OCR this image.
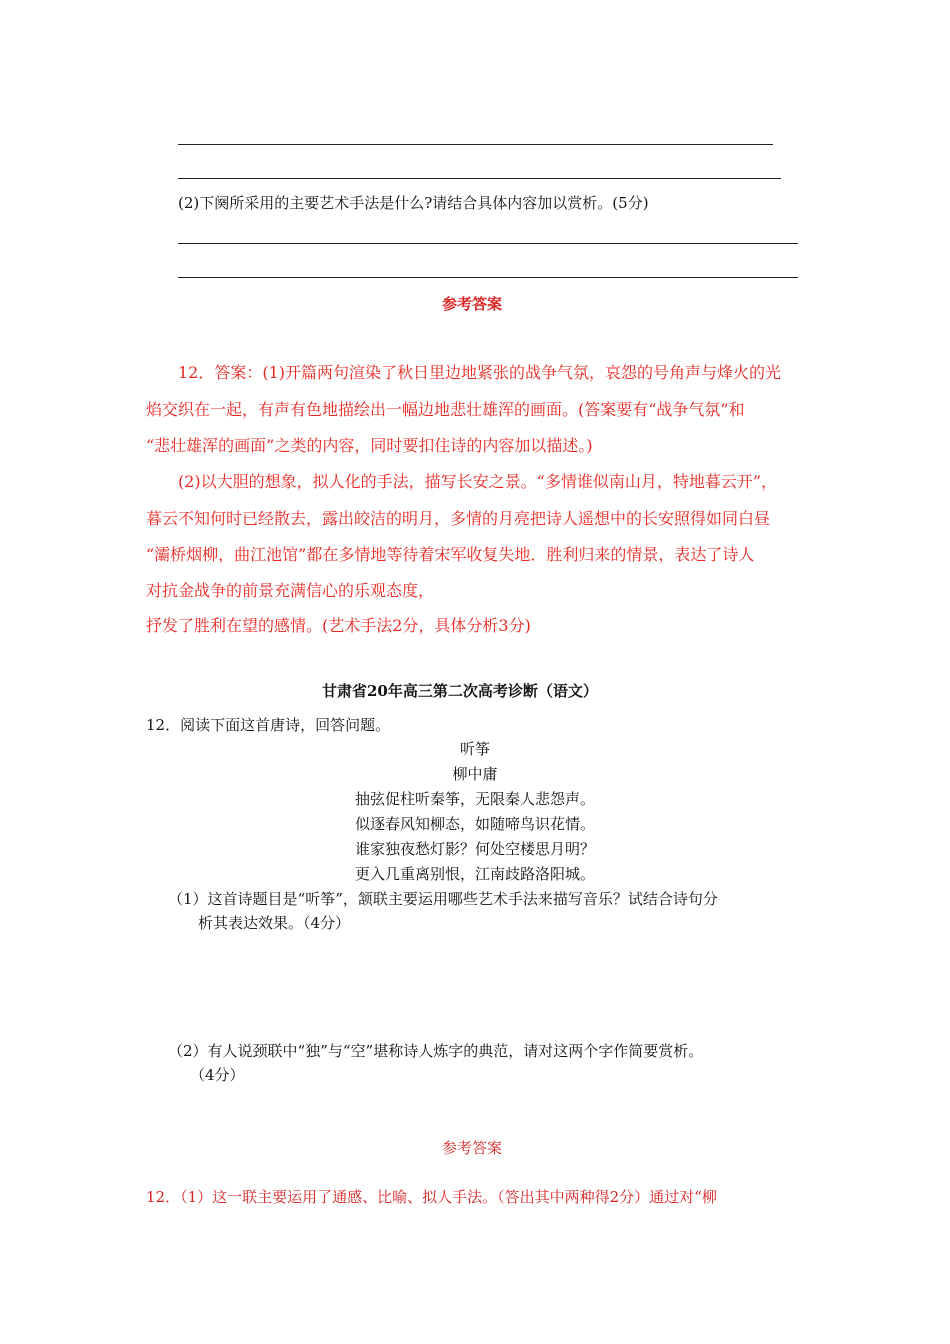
(2)下阕所采用的主要艺术手法是什么?请结合具体内容加以赏析。(5分)
参考答案
12．答案：(1)开篇两句渲染了秋日里边地紧张的战争气氛，哀怨的号角声与烽火的光
焰交织在一起，有声有色地描绘出一幅边地悲壮雄浑的画面。(答案要有“战争气氛”和
“悲壮雄浑的画面”之类的内容，同时要扣住诗的内容加以描述。)
(2)以大胆的想象，拟人化的手法，描写长安之景。“多情谁似南山月，特地暮云开”，
暮云不知何时已经散去，露出皎洁的明月，多情的月亮把诗人遥想中的长安照得如同白昼
“灞桥烟柳，曲江池馆”都在多情地等待着宋军收复失地．胜利归来的情景，表达了诗人
对抗金战争的前景充满信心的乐观态度，
抒发了胜利在望的感情。(艺术手法2分，具体分析3分)
甘肃省20年高三第二次高考诊断（语文）
12．阅读下面这首唐诗，回答问题。
听筝
柳中庸
抽弦促柱听秦筝，无限秦人悲怨声。
似逐春风知柳态，如随啼鸟识花情。
谁家独夜愁灯影？何处空楼思月明？
更入几重离别恨，江南歧路洛阳城。
（1）这首诗题目是“听筝”，颔联主要运用哪些艺术手法来描写音乐？试结合诗句分
析其表达效果。（4分）
（2）有人说颈联中“独”与“空”堪称诗人炼字的典范，请对这两个字作简要赏析。
（4分）
参考答案
12．（1）这一联主要运用了通感、比喻、拟人手法。（答出其中两种得2分）通过对“柳
